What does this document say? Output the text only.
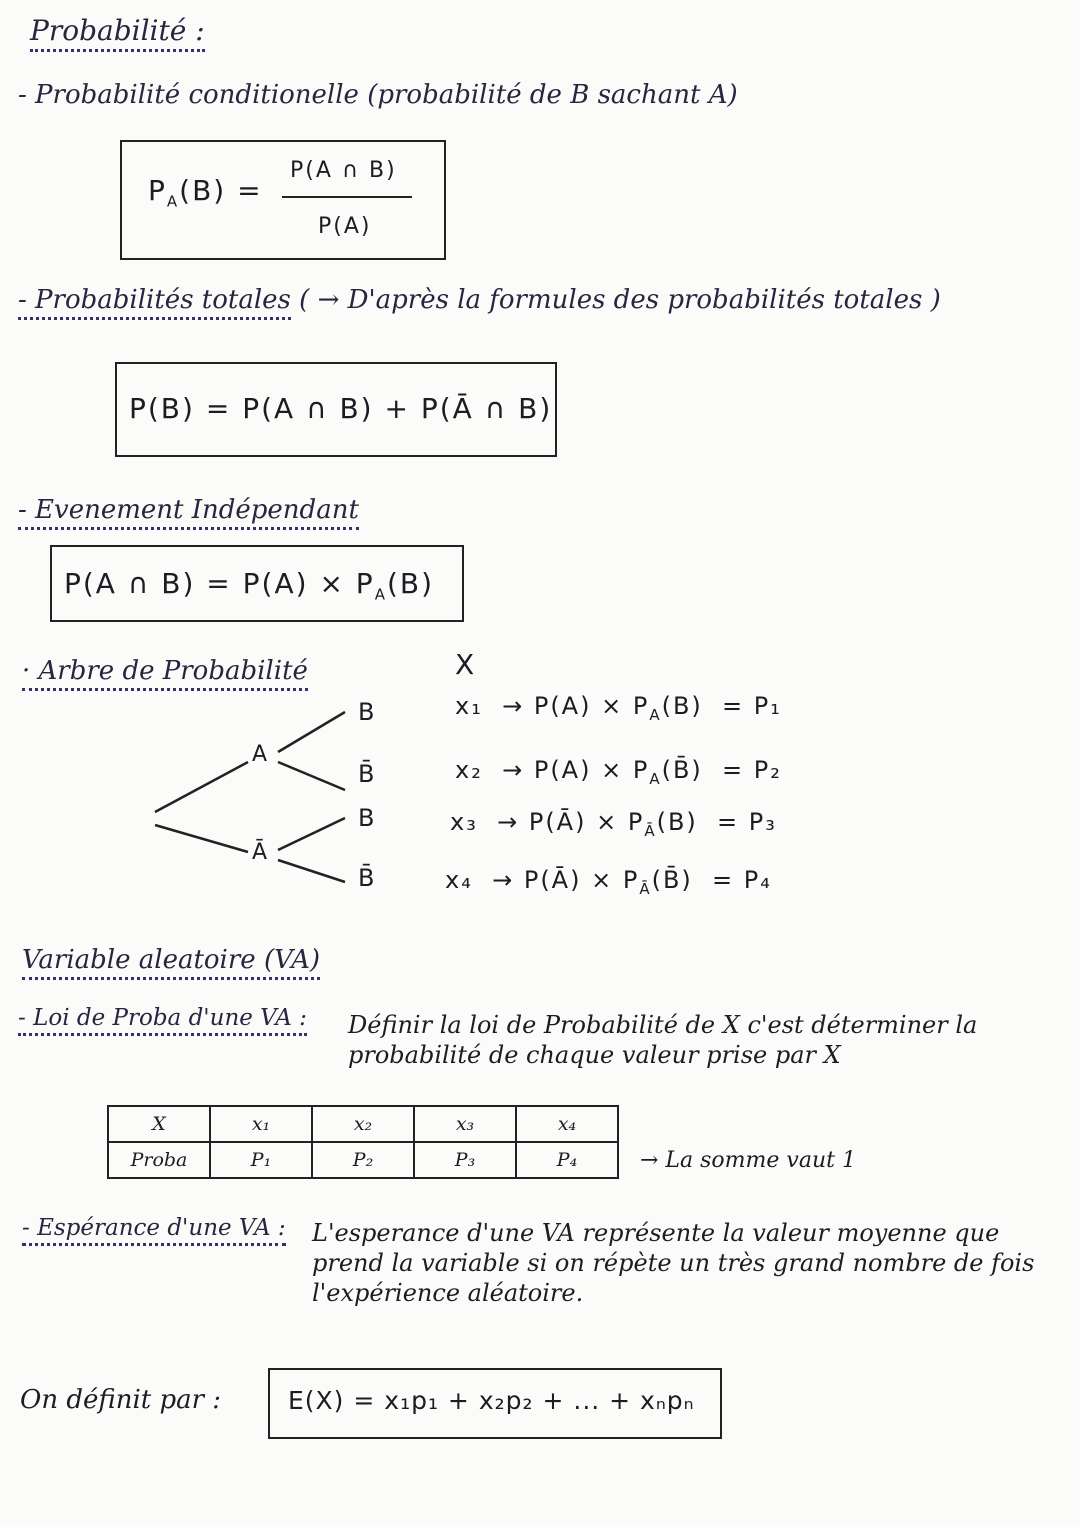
Probabilité :
- Probabilité conditionelle (probabilité de B sachant A)
$P_A(B)$ =
P(A ∩ B)
P(A)
- Probabilités totales ( → D'après la formules des probabilités totales )
P(B) = P(A ∩ B) + P(Ā ∩ B)
- Evenement Indépendant
P(A ∩ $B) = P(A) \times P_A(B)$
· Arbre de Probabilité
A
Ā
B
B̄
B
B̄
X
$x_1 \to P(A) \times P_A(B) = P_1$
$x_2 \to P(A) \times P_A(B̄) = P_2$
x₃ → P(Ā) × $P_Ā(B) = P_3$
x₄ → P(Ā) × $P_Ā(B̄) = P_4$
Variable aleatoire (VA)
- Loi de Proba d'une VA : Définir la loi de Probabilité de X c'est déterminer la probabilité de chaque valeur prise par X
X	x₁	x₂	x₃	x₄
Proba	P₁	P₂	P₃	P₄	→ La somme vaut 1
- Espérance d'une VA : L'esperance d'une VA représente la valeur moyenne que prend la variable si on répète un très grand nombre de fois l'expérience aléatoire.
On définit par :	E(X) = x₁p₁ + x₂p₂ + ... + xₙpₙ
